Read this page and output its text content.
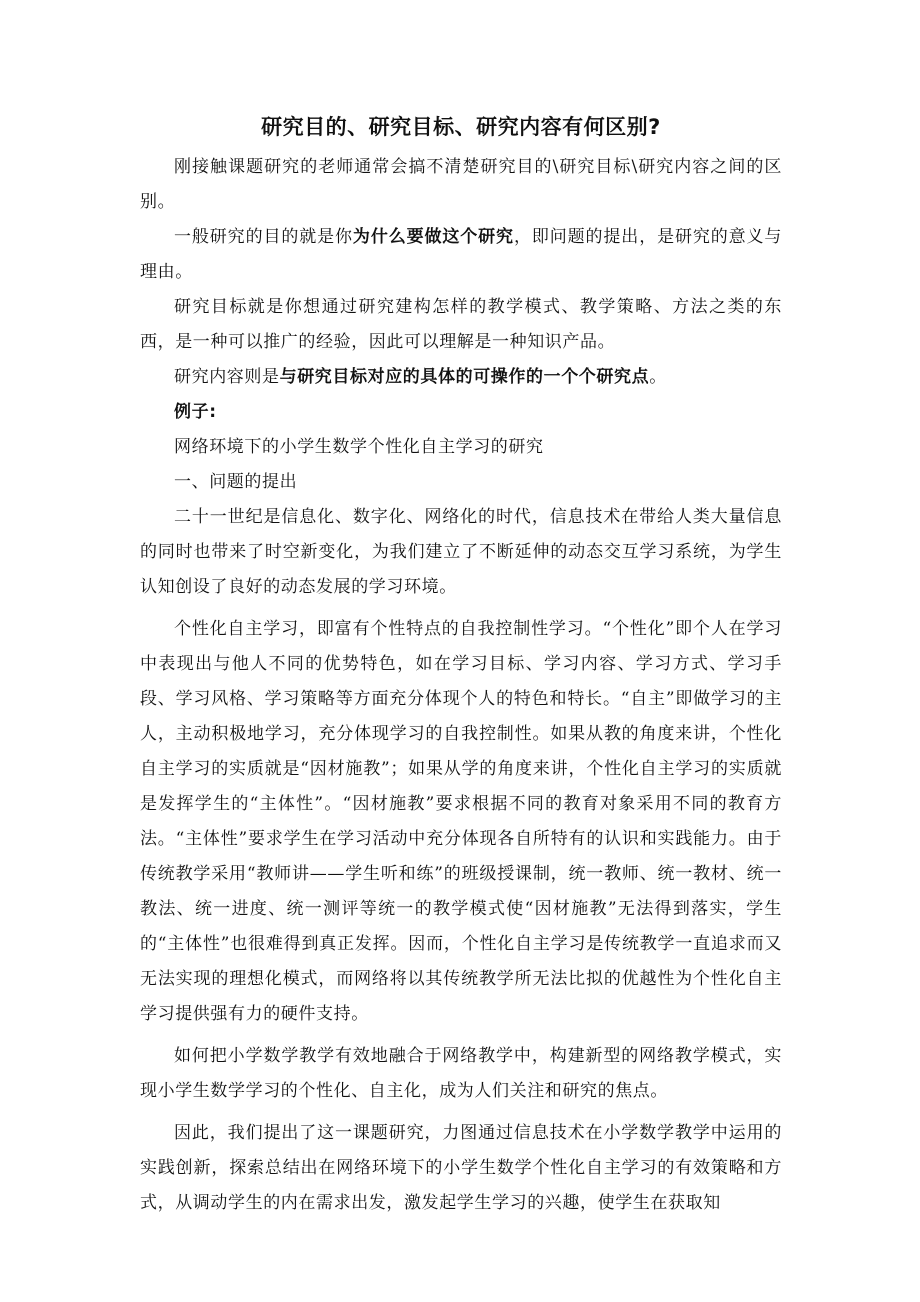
研究目的、研究目标、研究内容有何区别?

刚接触课题研究的老师通常会搞不清楚研究目的\研究目标\研究内容之间的区别。

一般研究的目的就是你为什么要做这个研究，即问题的提出，是研究的意义与理由。

研究目标就是你想通过研究建构怎样的教学模式、教学策略、方法之类的东西，是一种可以推广的经验，因此可以理解是一种知识产品。

研究内容则是与研究目标对应的具体的可操作的一个个研究点。

例子:

网络环境下的小学生数学个性化自主学习的研究

一、问题的提出

二十一世纪是信息化、数字化、网络化的时代，信息技术在带给人类大量信息的同时也带来了时空新变化，为我们建立了不断延伸的动态交互学习系统，为学生认知创设了良好的动态发展的学习环境。

个性化自主学习，即富有个性特点的自我控制性学习。“个性化”即个人在学习中表现出与他人不同的优势特色，如在学习目标、学习内容、学习方式、学习手段、学习风格、学习策略等方面充分体现个人的特色和特长。“自主”即做学习的主人，主动积极地学习，充分体现学习的自我控制性。如果从教的角度来讲，个性化自主学习的实质就是“因材施教”；如果从学的角度来讲，个性化自主学习的实质就是发挥学生的“主体性”。“因材施教”要求根据不同的教育对象采用不同的教育方法。“主体性”要求学生在学习活动中充分体现各自所特有的认识和实践能力。由于传统教学采用“教师讲——学生听和练”的班级授课制，统一教师、统一教材、统一教法、统一进度、统一测评等统一的教学模式使“因材施教”无法得到落实，学生的“主体性”也很难得到真正发挥。因而，个性化自主学习是传统教学一直追求而又无法实现的理想化模式，而网络将以其传统教学所无法比拟的优越性为个性化自主学习提供强有力的硬件支持。

如何把小学数学教学有效地融合于网络教学中，构建新型的网络教学模式，实现小学生数学学习的个性化、自主化，成为人们关注和研究的焦点。

因此，我们提出了这一课题研究，力图通过信息技术在小学数学教学中运用的实践创新，探索总结出在网络环境下的小学生数学个性化自主学习的有效策略和方式，从调动学生的内在需求出发，激发起学生学习的兴趣，使学生在获取知
